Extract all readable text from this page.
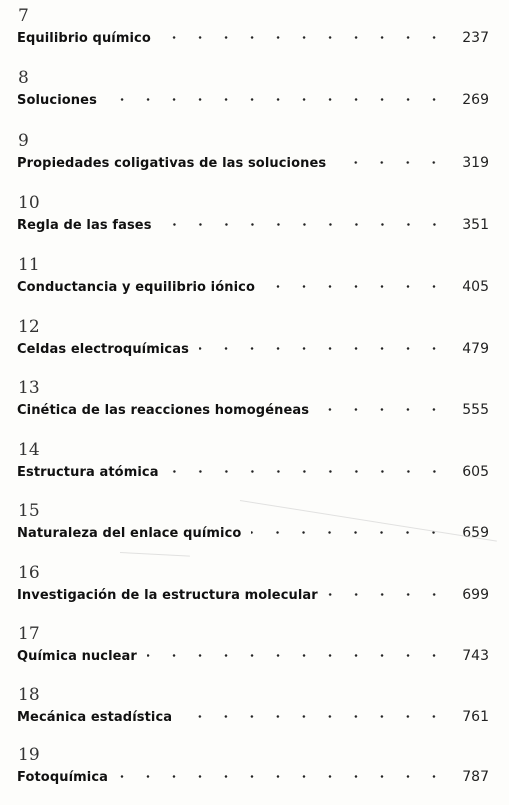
7
Equilibrio químico	237
8
Soluciones	269
9
Propiedades coligativas de las soluciones	319
10
Regla de las fases	351
11
Conductancia y equilibrio iónico	405
12
Celdas electroquímicas	479
13
Cinética de las reacciones homogéneas	555
14
Estructura atómica	605
15
Naturaleza del enlace químico	659
16
Investigación de la estructura molecular	699
17
Química nuclear	743
18
Mecánica estadística	761
19
Fotoquímica	787
